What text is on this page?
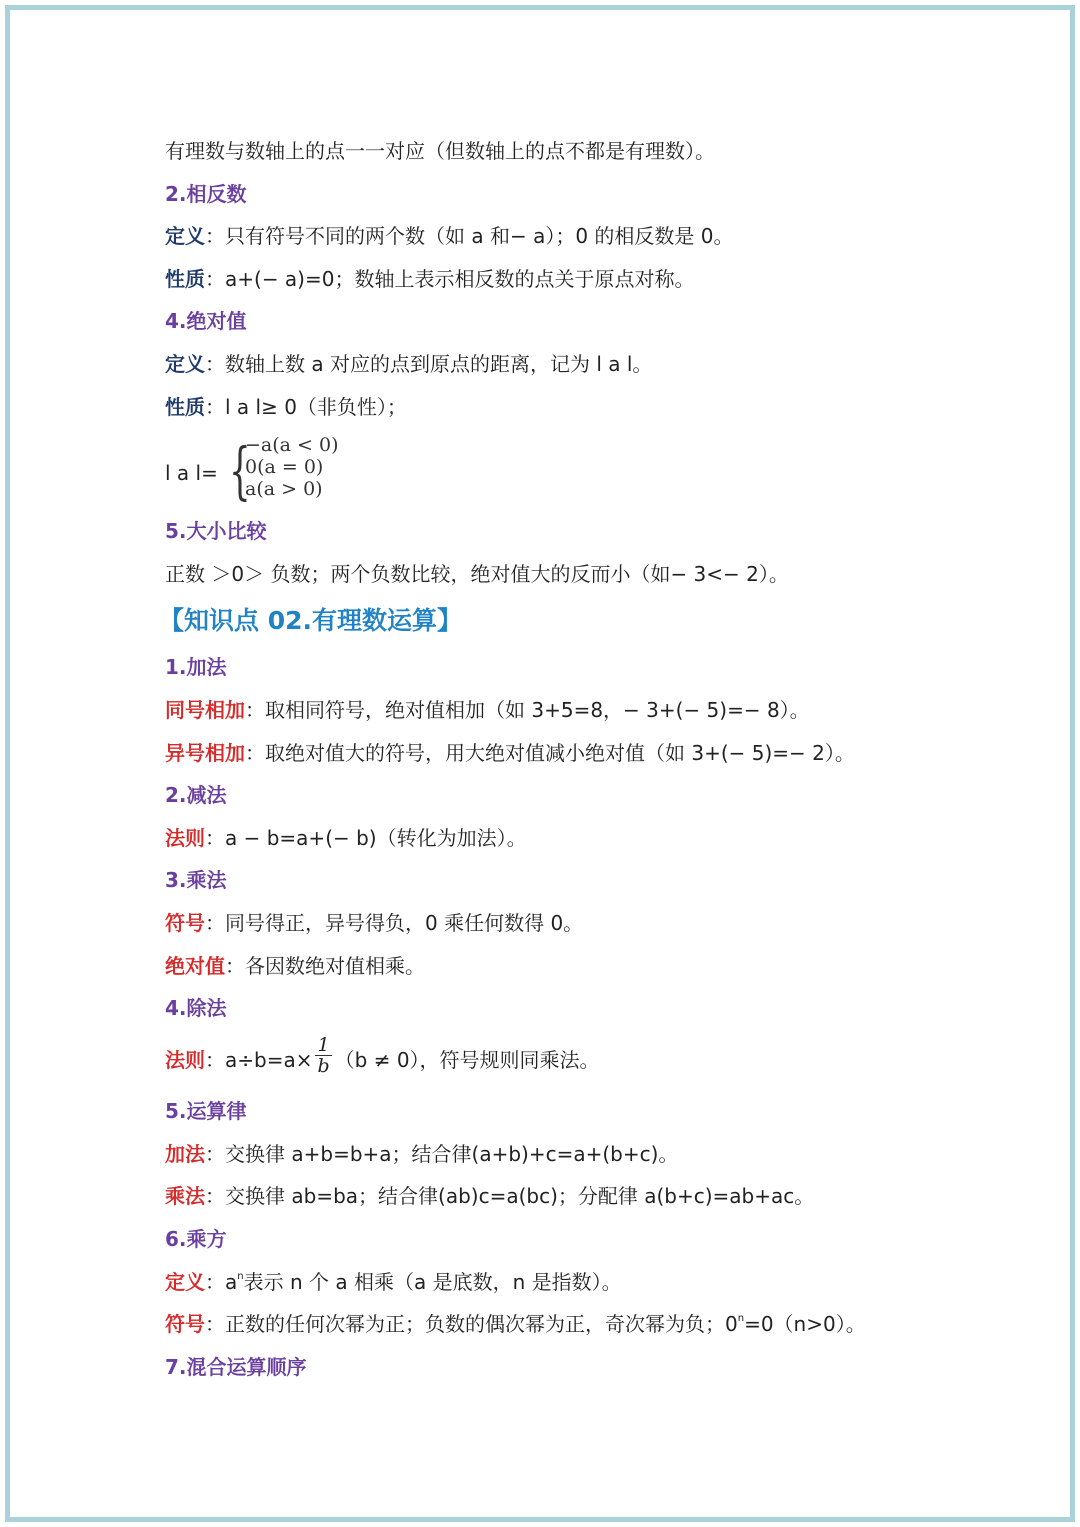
有理数与数轴上的点一一对应（但数轴上的点不都是有理数）。
2.相反数
定义：只有符号不同的两个数（如 a 和− a）；0 的相反数是 0。
性质：a+(− a)=0；数轴上表示相反数的点关于原点对称。
4.绝对值
定义：数轴上数 a 对应的点到原点的距离，记为 l a l。
性质：l a l≥ 0（非负性）；
l a l= {
−a(a < 0)
0(a = 0)
a(a > 0)
5.大小比较
正数 ＞0＞ 负数；两个负数比较，绝对值大的反而小（如− 3<− 2）。
【知识点 02.有理数运算】
1.加法
同号相加：取相同符号，绝对值相加（如 3+5=8，− 3+(− 5)=− 8）。
异号相加：取绝对值大的符号，用大绝对值减小绝对值（如 3+(− 5)=− 2）。
2.减法
法则：a − b=a+(− b)（转化为加法）。
3.乘法
符号：同号得正，异号得负，0 乘任何数得 0。
绝对值：各因数绝对值相乘。
4.除法
法则：$a\div b=a\times \frac{1}{b} (b \ne 0)$，符号规则同乘法。
5.运算律
加法：交换律 a+b=b+a；结合律(a+b)+c=a+(b+c)。
乘法：交换律 ab=ba；结合律(ab)c=a(bc)；分配律 a(b+c)=ab+ac。
6.乘方
定义：$a^n$表示 n 个 a 相乘（a 是底数，n 是指数）。
符号：正数的任何次幂为正；负数的偶次幂为正，奇次幂为负；$0^n=0(n>0)$。
7.混合运算顺序
